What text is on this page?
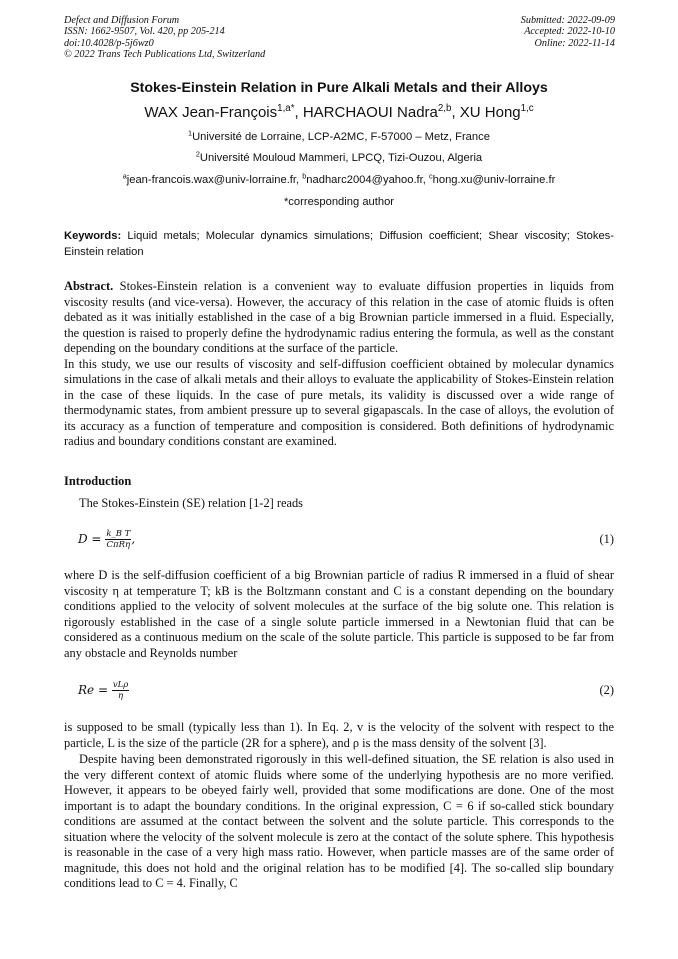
Defect and Diffusion Forum
ISSN: 1662-9507, Vol. 420, pp 205-214
doi:10.4028/p-5j6wz0
© 2022 Trans Tech Publications Ltd, Switzerland
Submitted: 2022-09-09
Accepted: 2022-10-10
Online: 2022-11-14
Stokes-Einstein Relation in Pure Alkali Metals and their Alloys
WAX Jean-François$^{1,a*}$, HARCHAOUI Nadra$^{2,b}$, XU Hong$^{1,c}$
$^1$Université de Lorraine, LCP-A2MC, F-57000 – Metz, France
$^2$Université Mouloud Mammeri, LPCQ, Tizi-Ouzou, Algeria
$^a$jean-francois.wax@univ-lorraine.fr, $^b$nadharc2004@yahoo.fr, $^c$hong.xu@univ-lorraine.fr
*corresponding author
Keywords: Liquid metals; Molecular dynamics simulations; Diffusion coefficient; Shear viscosity; Stokes-Einstein relation

Abstract. Stokes-Einstein relation is a convenient way to evaluate diffusion properties in liquids from viscosity results (and vice-versa). However, the accuracy of this relation in the case of atomic fluids is often debated as it was initially established in the case of a big Brownian particle immersed in a fluid. Especially, the question is raised to properly define the hydrodynamic radius entering the formula, as well as the constant depending on the boundary conditions at the surface of the particle.

In this study, we use our results of viscosity and self-diffusion coefficient obtained by molecular dynamics simulations in the case of alkali metals and their alloys to evaluate the applicability of Stokes-Einstein relation in the case of these liquids. In the case of pure metals, its validity is discussed over a wide range of thermodynamic states, from ambient pressure up to several gigapascals. In the case of alloys, the evolution of its accuracy as a function of temperature and composition is considered. Both definitions of hydrodynamic radius and boundary conditions constant are examined.

Introduction
The Stokes-Einstein (SE) relation [1-2] reads
$D = \frac{\text{k\_B T}}{\text{CπRη}}$ ,	(1)
where D is the self-diffusion coefficient of a big Brownian particle of radius R immersed in a fluid of shear viscosity η at temperature T; kB is the Boltzmann constant and C is a constant depending on the boundary conditions applied to the velocity of solvent molecules at the surface of the big solute one. This relation is rigorously established in the case of a single solute particle immersed in a Newtonian fluid that can be considered as a continuous medium on the scale of the solute particle. This particle is supposed to be far from any obstacle and Reynolds number
$Re = \frac{\text{vLρ}}{\eta}$	(2)
is supposed to be small (typically less than 1). In Eq. 2, v is the velocity of the solvent with respect to the particle, L is the size of the particle (2R for a sphere), and ρ is the mass density of the solvent [3].
Despite having been demonstrated rigorously in this well-defined situation, the SE relation is also used in the very different context of atomic fluids where some of the underlying hypothesis are no more verified. However, it appears to be obeyed fairly well, provided that some modifications are done. One of the most important is to adapt the boundary conditions. In the original expression, C = 6 if so-called stick boundary conditions are assumed at the contact between the solvent and the solute particle. This corresponds to the situation where the velocity of the solvent molecule is zero at the contact of the solute sphere. This hypothesis is reasonable in the case of a very high mass ratio. However, when particle masses are of the same order of magnitude, this does not hold and the original relation has to be modified [4]. The so-called slip boundary conditions lead to C = 4. Finally, C
